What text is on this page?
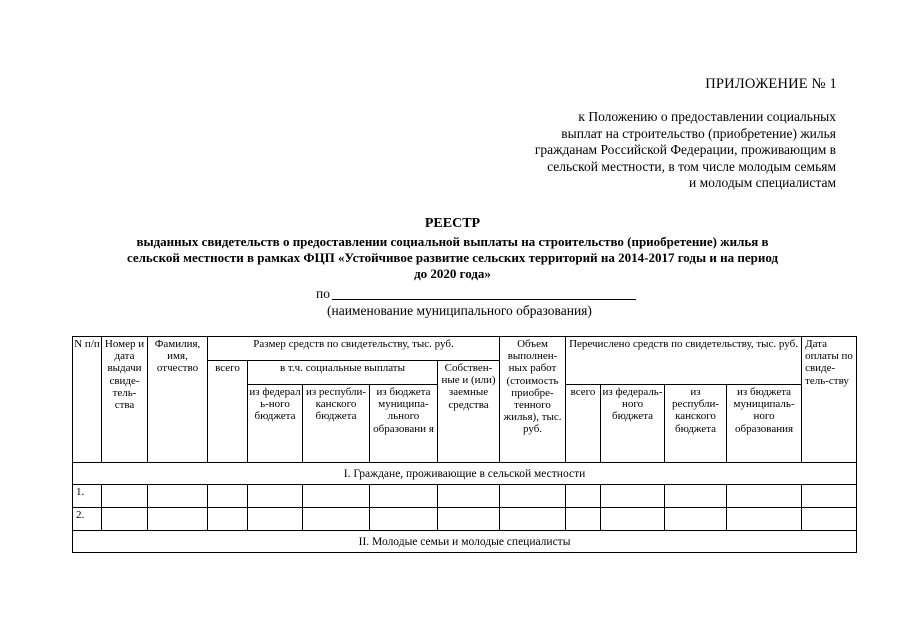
ПРИЛОЖЕНИЕ № 1
к Положению о предоставлении социальных
выплат на строительство (приобретение) жилья
гражданам Российской Федерации, проживающим в
сельской местности, в том числе молодым семьям
и молодым специалистам
РЕЕСТР
выданных свидетельств о предоставлении социальной выплаты на строительство (приобретение) жилья в
сельской местности в рамках ФЦП «Устойчивое развитие сельских территорий на 2014-2017 годы и на период
до 2020 года»
по
(наименование муниципального образования)
N п/п	Номер и дата выдачи свиде-тель-ства	Фамилия, имя, отчество	Размер средств по свидетельству, тыс. руб.					Объем выполнен-ных работ (стоимость приобре-тенного жилья), тыс. руб.	Перечислено средств по свидетельству, тыс. руб.				Дата оплаты по свиде-тель-ству
			всего	в т.ч. социальные выплаты			Собствен-ные и (или) заемные средства						
				из федерал ь-ного бюджета	из республи-канского бюджета	из бюджета муниципа-льного образовани я			всего	из федераль-ного бюджета	из республи-канского бюджета	из бюджета муниципаль-ного образования	
I. Граждане, проживающие в сельской местности													
1.													
2.													
II. Молодые семьи и молодые специалисты													
